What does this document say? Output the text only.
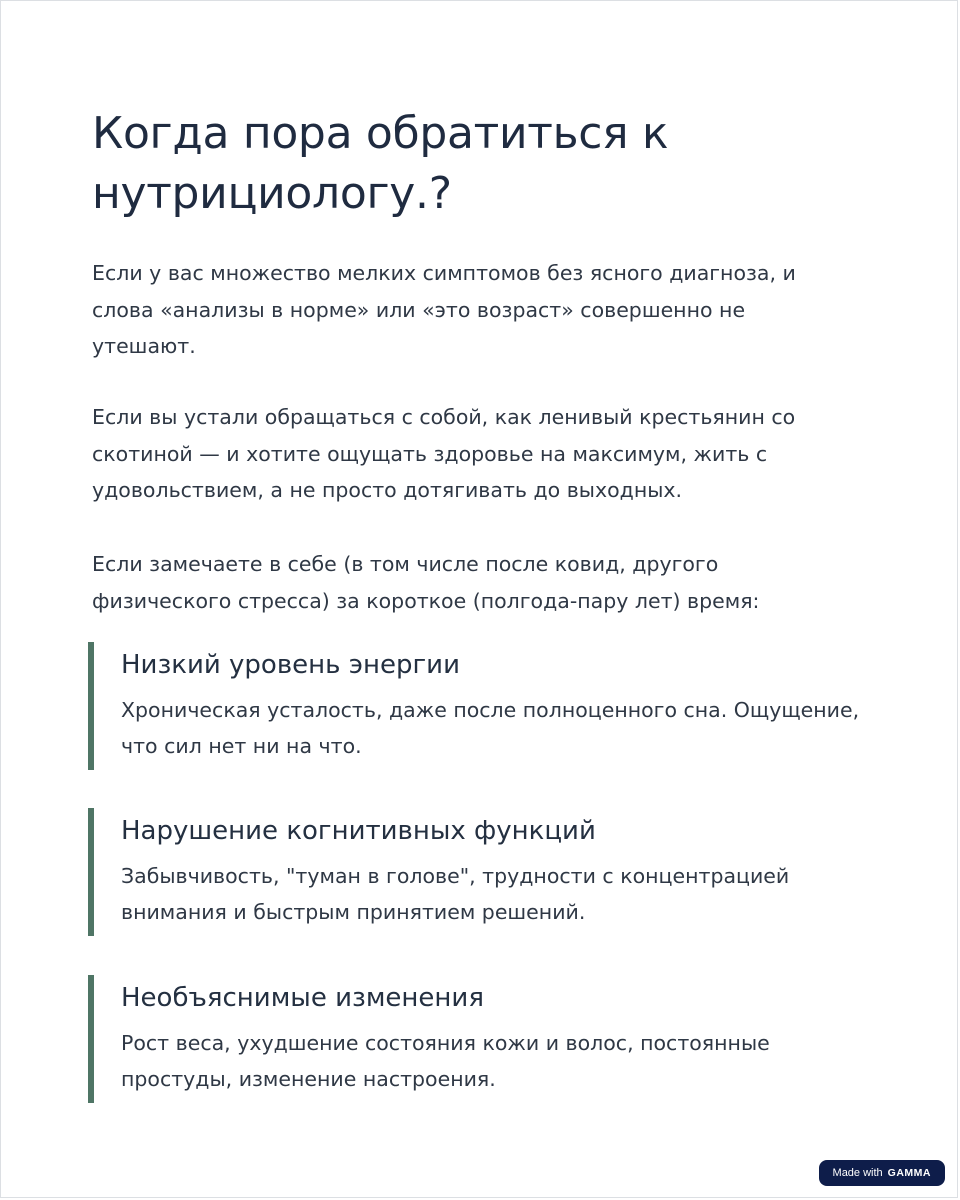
Когда пора обратиться к нутрициологу.?

Если у вас множество мелких симптомов без ясного диагноза, и слова «анализы в норме» или «это возраст» совершенно не утешают.

Если вы устали обращаться с собой, как ленивый крестьянин со скотиной — и хотите ощущать здоровье на максимум, жить с удовольствием, а не просто дотягивать до выходных.

Если замечаете в себе (в том числе после ковид, другого физического стресса) за короткое (полгода-пару лет) время:

Низкий уровень энергии

Хроническая усталость, даже после полноценного сна. Ощущение, что сил нет ни на что.

Нарушение когнитивных функций

Забывчивость, "туман в голове", трудности с концентрацией внимания и быстрым принятием решений.

Необъяснимые изменения

Рост веса, ухудшение состояния кожи и волос, постоянные простуды, изменение настроения.

Made with GAMMA
